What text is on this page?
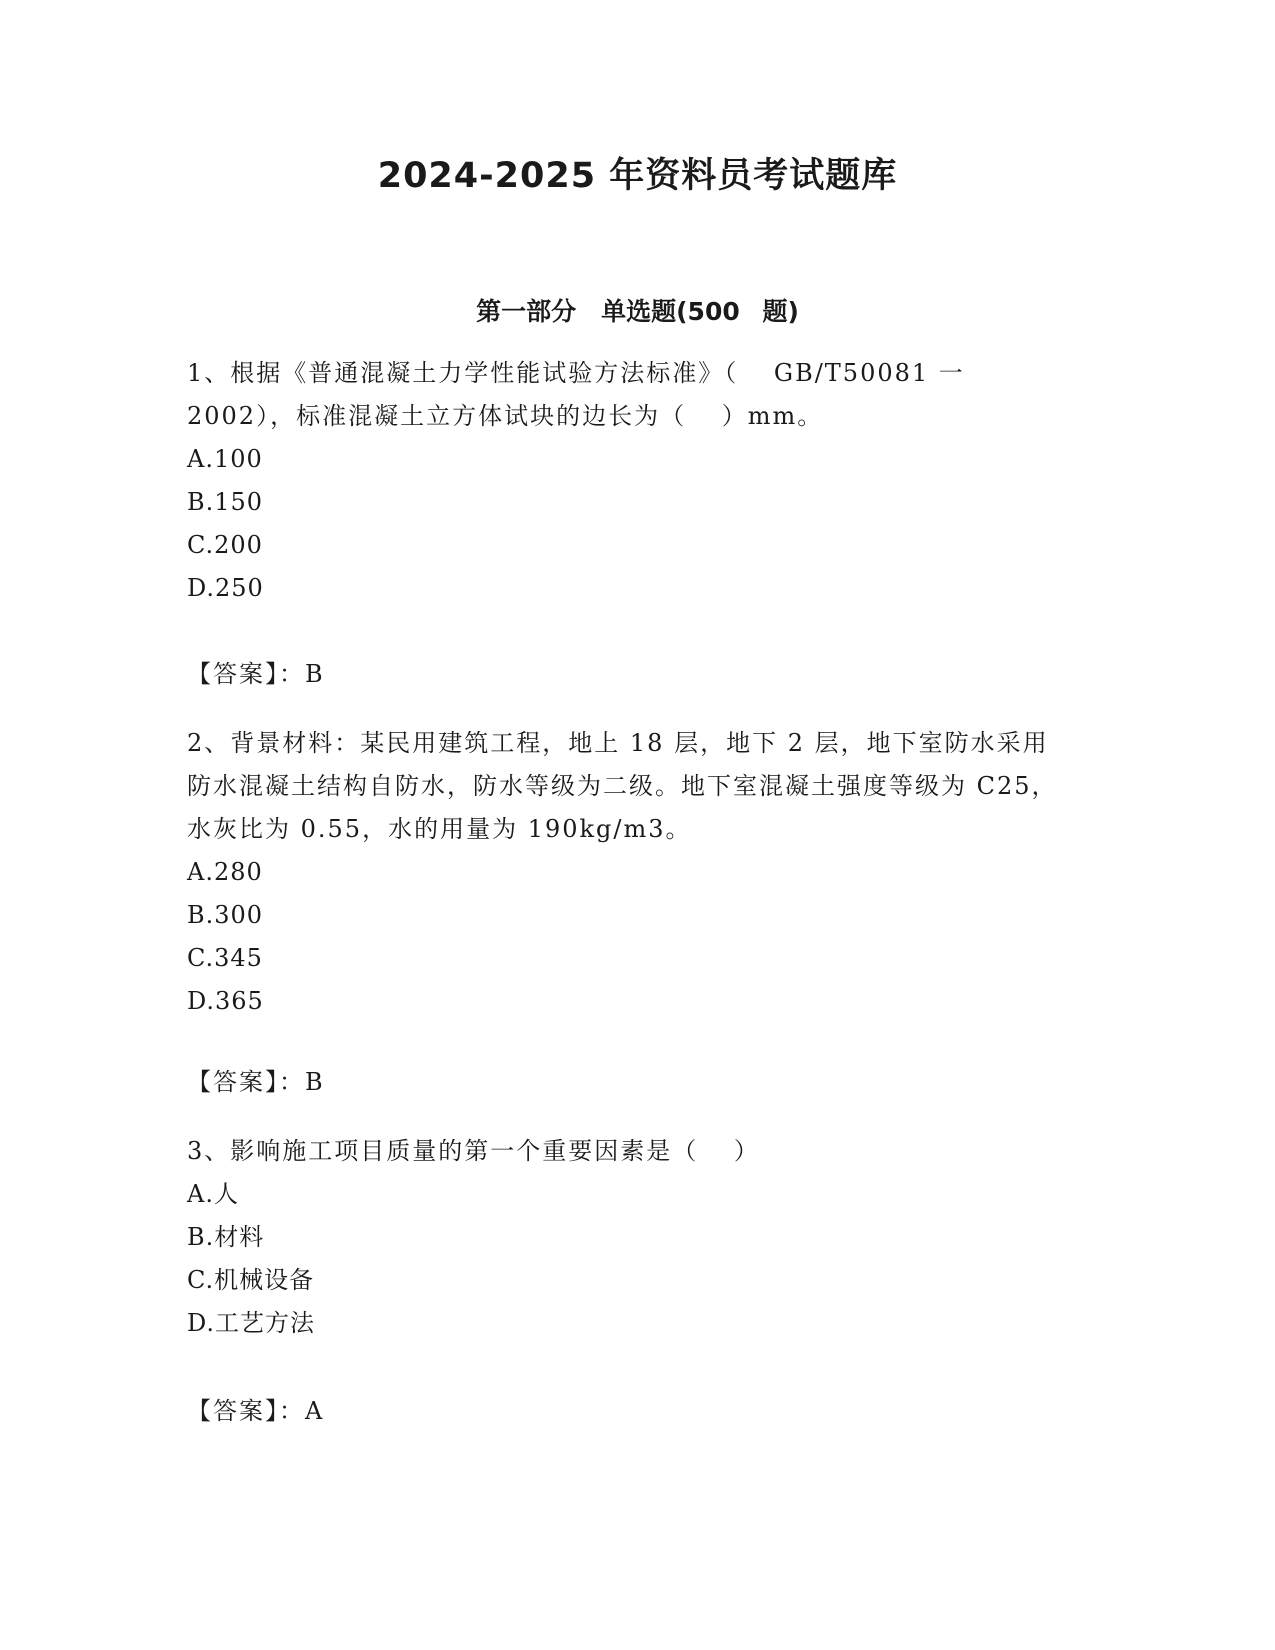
2024-2025 年资料员考试题库
第一部分　单选题(500 题)

1、根据《普通混凝土力学性能试验方法标准》（　 GB/T50081 一 2002），标准混凝土立方体试块的边长为（　 ）mm。

A.100
B.150
C.200
D.250
【答案】：B

2、背景材料：某民用建筑工程，地上 18 层，地下 2 层，地下室防水采用防水混凝土结构自防水，防水等级为二级。地下室混凝土强度等级为 C25，水灰比为 0.55，水的用量为 190kg/m3。

A.280
B.300
C.345
D.365
【答案】：B

3、影响施工项目质量的第一个重要因素是（　 ）

A.人
B.材料
C.机械设备
D.工艺方法
【答案】：A
